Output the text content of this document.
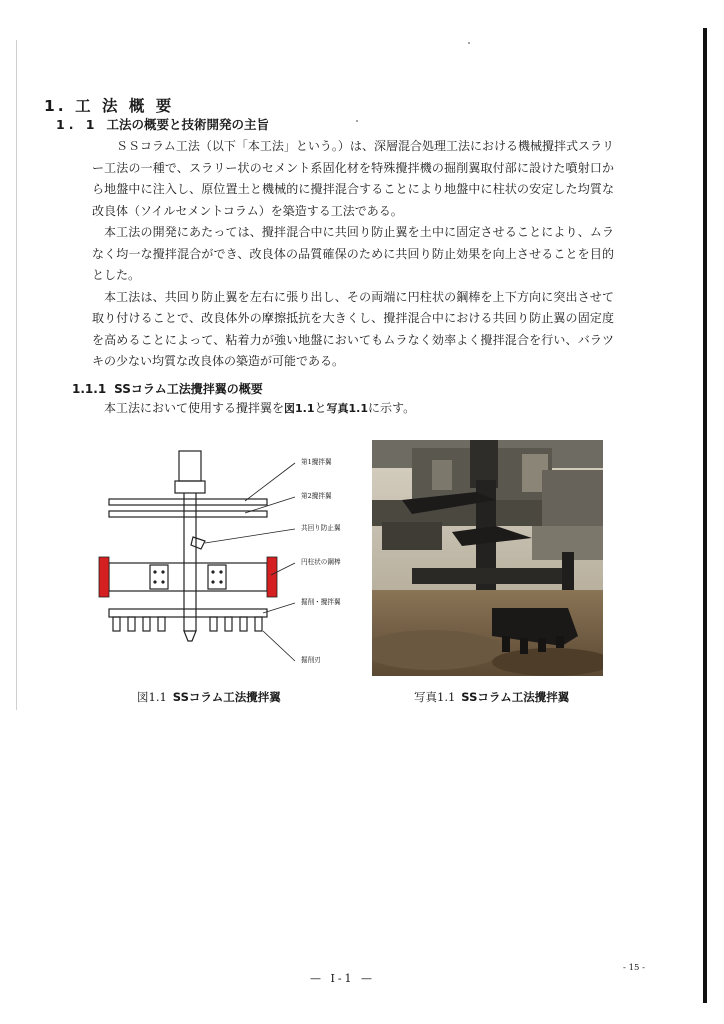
1. 工 法 概 要
1. 1 工法の概要と技術開発の主旨

ＳＳコラム工法（以下「本工法」という。）は、深層混合処理工法における機械攪拌式スラリー工法の一種で、スラリー状のセメント系固化材を特殊攪拌機の掘削翼取付部に設けた噴射口から地盤中に注入し、原位置土と機械的に攪拌混合することにより地盤中に柱状の安定した均質な改良体（ソイルセメントコラム）を築造する工法である。

本工法の開発にあたっては、攪拌混合中に共回り防止翼を土中に固定させることにより、ムラなく均一な攪拌混合ができ、改良体の品質確保のために共回り防止効果を向上させることを目的とした。

本工法は、共回り防止翼を左右に張り出し、その両端に円柱状の鋼棒を上下方向に突出させて取り付けることで、改良体外の摩擦抵抗を大きくし、攪拌混合中における共回り防止翼の固定度を高めることによって、粘着力が強い地盤においてもムラなく効率よく攪拌混合を行い、バラツキの少ない均質な改良体の築造が可能である。

1.1.1 SSコラム工法攪拌翼の概要
本工法において使用する攪拌翼を図1.1と写真1.1に示す。
第1攪拌翼
第2攪拌翼
共回り防止翼
円柱状の鋼棒
掘削・攪拌翼
掘削刃
図1.1 SSコラム工法攪拌翼	写真1.1 SSコラム工法攪拌翼
- 15 -
— Ⅰ-1 —
